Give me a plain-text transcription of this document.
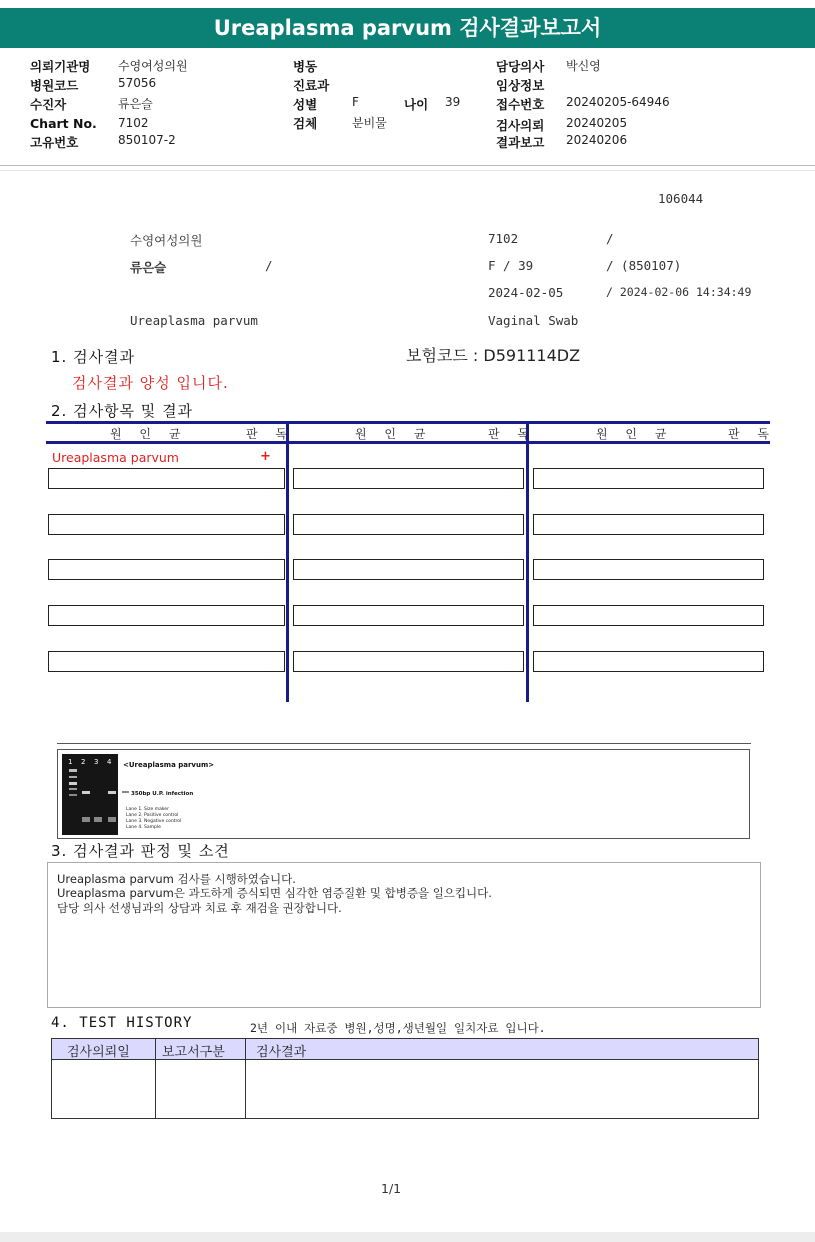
Ureaplasma parvum 검사결과보고서
의뢰기관명 수영여성의원
병원코드	57056
수진자	류은슬
Chart No. 7102
고유번호	850107-2
병동
진료과
성별	F	나이 39
검체	분비물
담당의사 박신영
임상정보
접수번호 20240205-64946
검사의뢰 20240205
결과보고 20240206
106044
수영여성의원	7102	/
류은슬	/	F / 39	/ (850107)
2024-02-05	/ 2024-02-06 14:34:49
Ureaplasma parvum	Vaginal Swab
1. 검사결과	보험코드 : D591114DZ
검사결과 양성 입니다.
2. 검사항목 및 결과
원 인 균	판 독	원 인 균	판 독	원 인 균	판 독
Ureaplasma parvum	+
1 2 3 4 <Ureaplasma parvum>
350bp U.P. infection
Lane 1. Size maker
Lane 2. Positive control
Lane 3. Negative control
Lane 4. Sample
3. 검사결과 판정 및 소견
Ureaplasma parvum 검사를 시행하였습니다.
Ureaplasma parvum은 과도하게 증식되면 심각한 염증질환 및 합병증을 일으킵니다.
담당 의사 선생님과의 상담과 치료 후 재검을 권장합니다.
4. TEST HISTORY	2년 이내 자료중 병원,성명,생년월일 일치자료 입니다.
검사의뢰일 보고서구분 검사결과
1/1
